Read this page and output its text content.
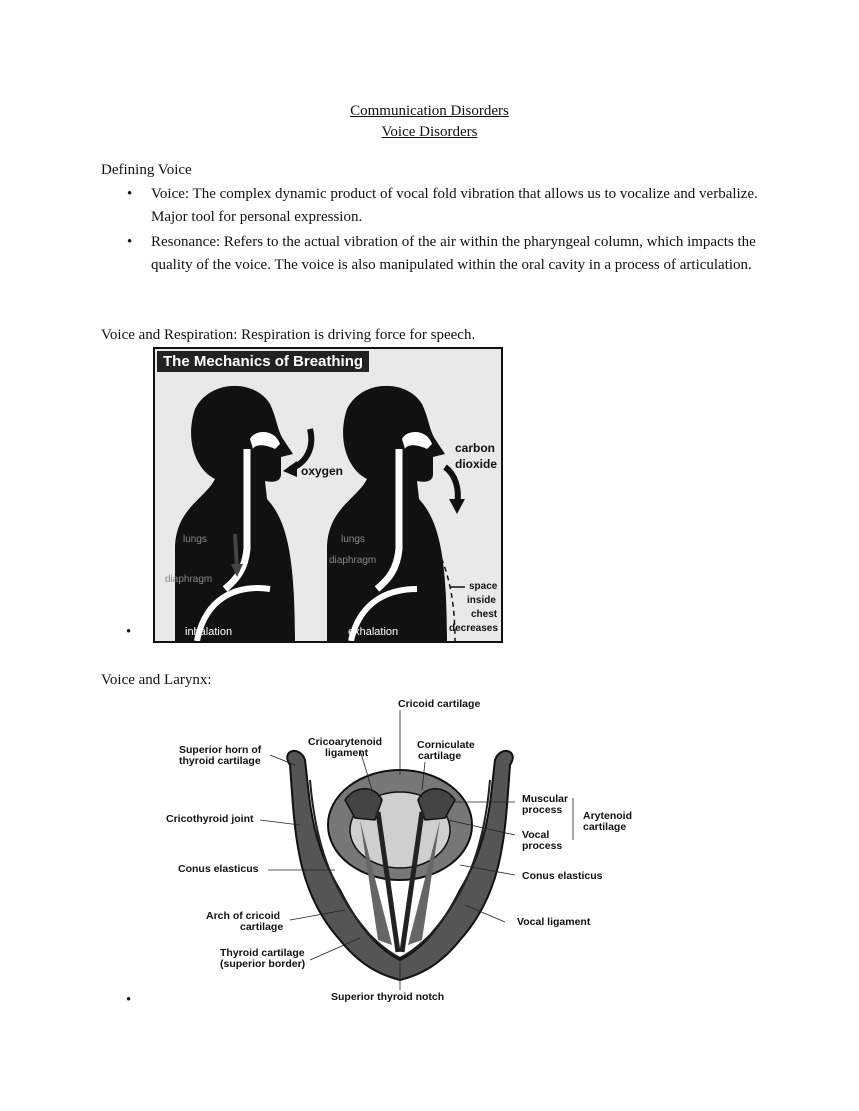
Communication Disorders
Voice Disorders
Defining Voice
• Voice: The complex dynamic product of vocal fold vibration that allows us to vocalize and verbalize. Major tool for personal expression.
• Resonance: Refers to the actual vibration of the air within the pharyngeal column, which impacts the quality of the voice. The voice is also manipulated within the oral cavity in a process of articulation.
Voice and Respiration: Respiration is driving force for speech.
The Mechanics of Breathing
oxygen
carbon
dioxide
lungs	lungs
diaphragm
diaphragm
inhalation	exhalation
space
inside
chest
decreases
•
Voice and Larynx:
Cricoid cartilage
Superior horn of
thyroid cartilage
Cricoarytenoid
ligament
Corniculate
cartilage
Muscular
process Arytenoid
cartilage
Vocal
process
Cricothyroid joint
Conus elasticus
Conus elasticus
Arch of cricoid
cartilage	Vocal ligament
Thyroid cartilage
(superior border)
Superior thyroid notch
•
